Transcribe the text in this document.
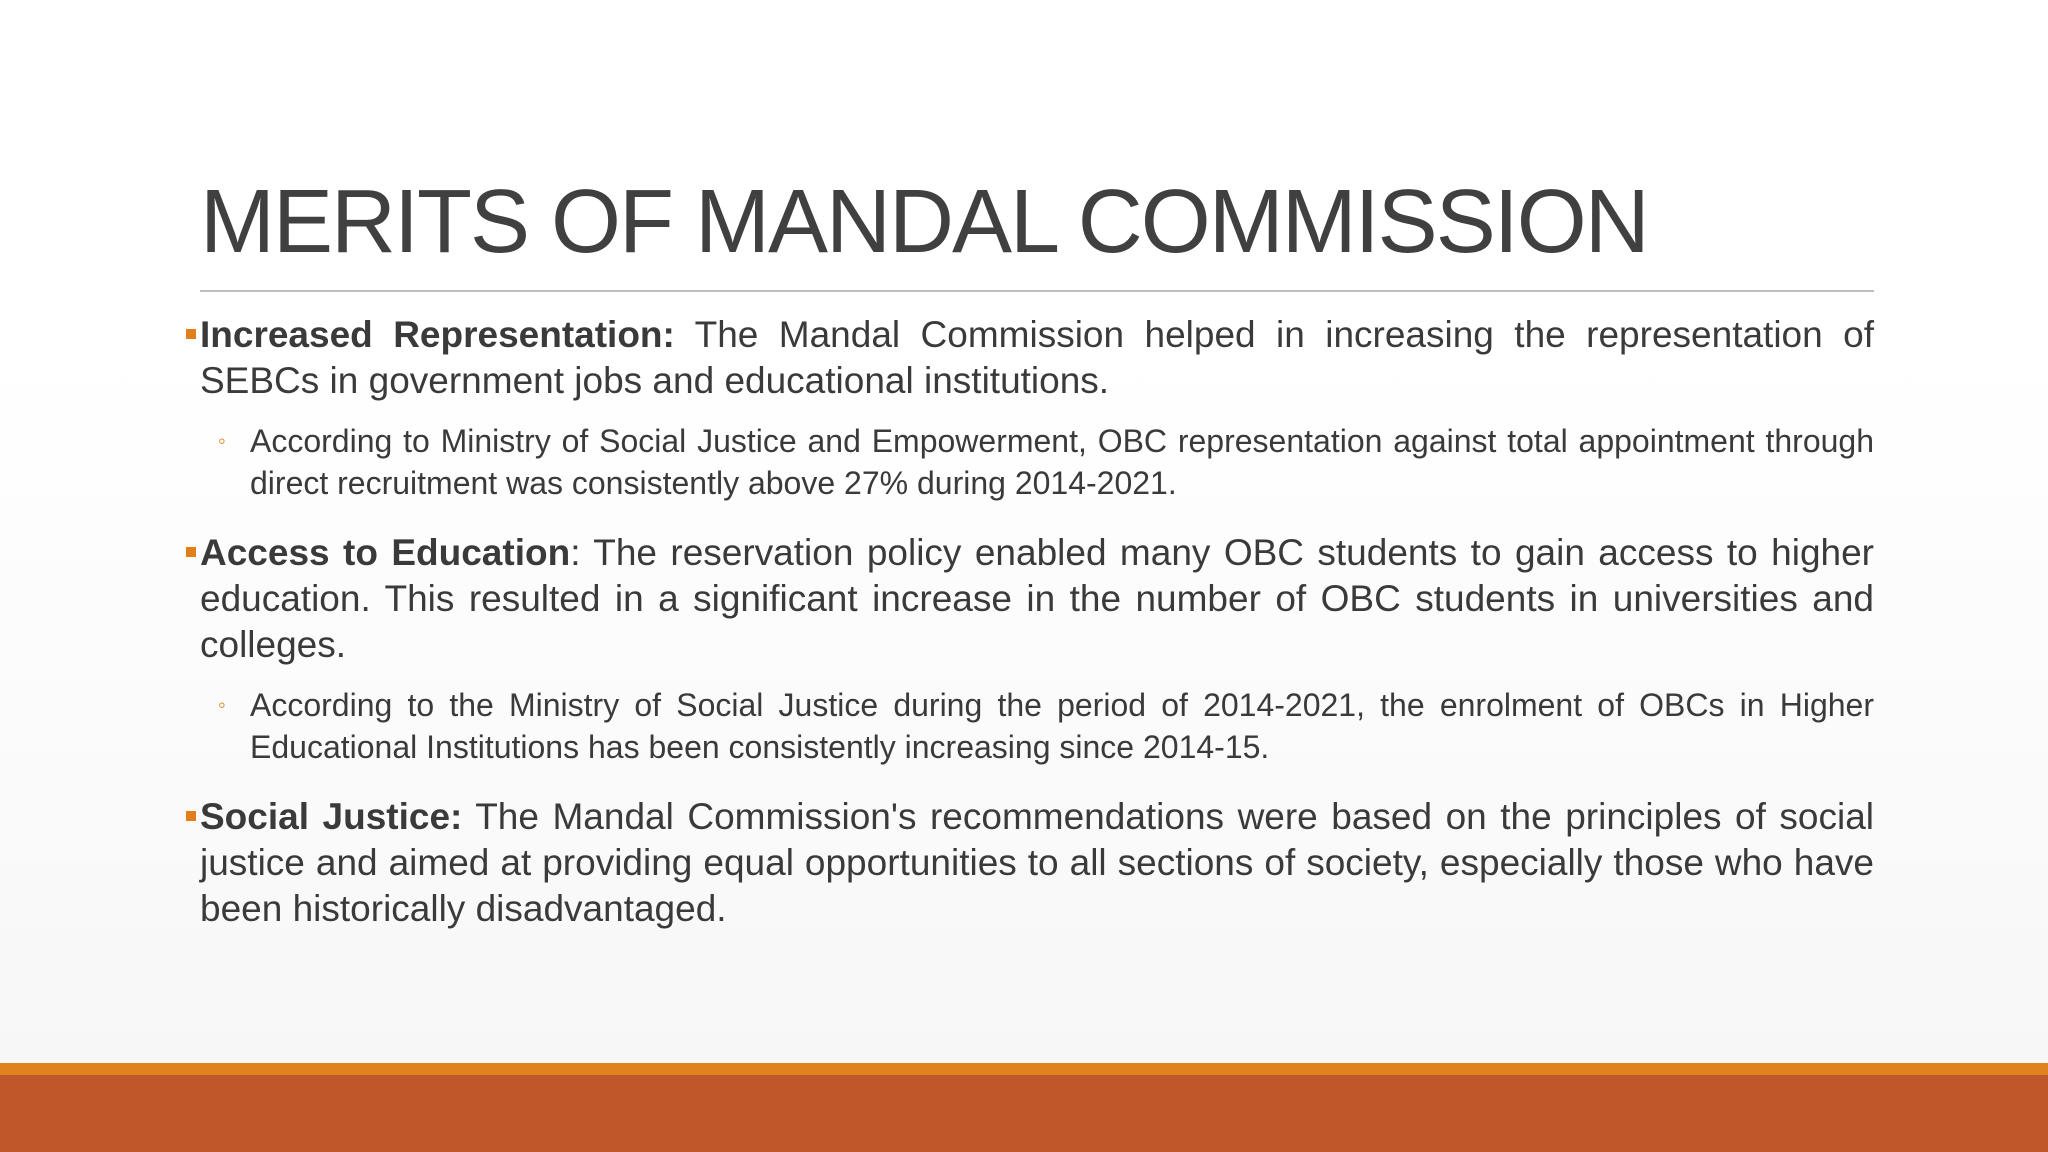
MERITS OF MANDAL COMMISSION
Increased Representation: The Mandal Commission helped in increasing the representation of SEBCs in government jobs and educational institutions.
◦ According to Ministry of Social Justice and Empowerment, OBC representation against total appointment through direct recruitment was consistently above 27% during 2014-2021.
Access to Education: The reservation policy enabled many OBC students to gain access to higher education. This resulted in a significant increase in the number of OBC students in universities and colleges.
◦ According to the Ministry of Social Justice during the period of 2014-2021, the enrolment of OBCs in Higher Educational Institutions has been consistently increasing since 2014-15.
Social Justice: The Mandal Commission's recommendations were based on the principles of social justice and aimed at providing equal opportunities to all sections of society, especially those who have been historically disadvantaged.
